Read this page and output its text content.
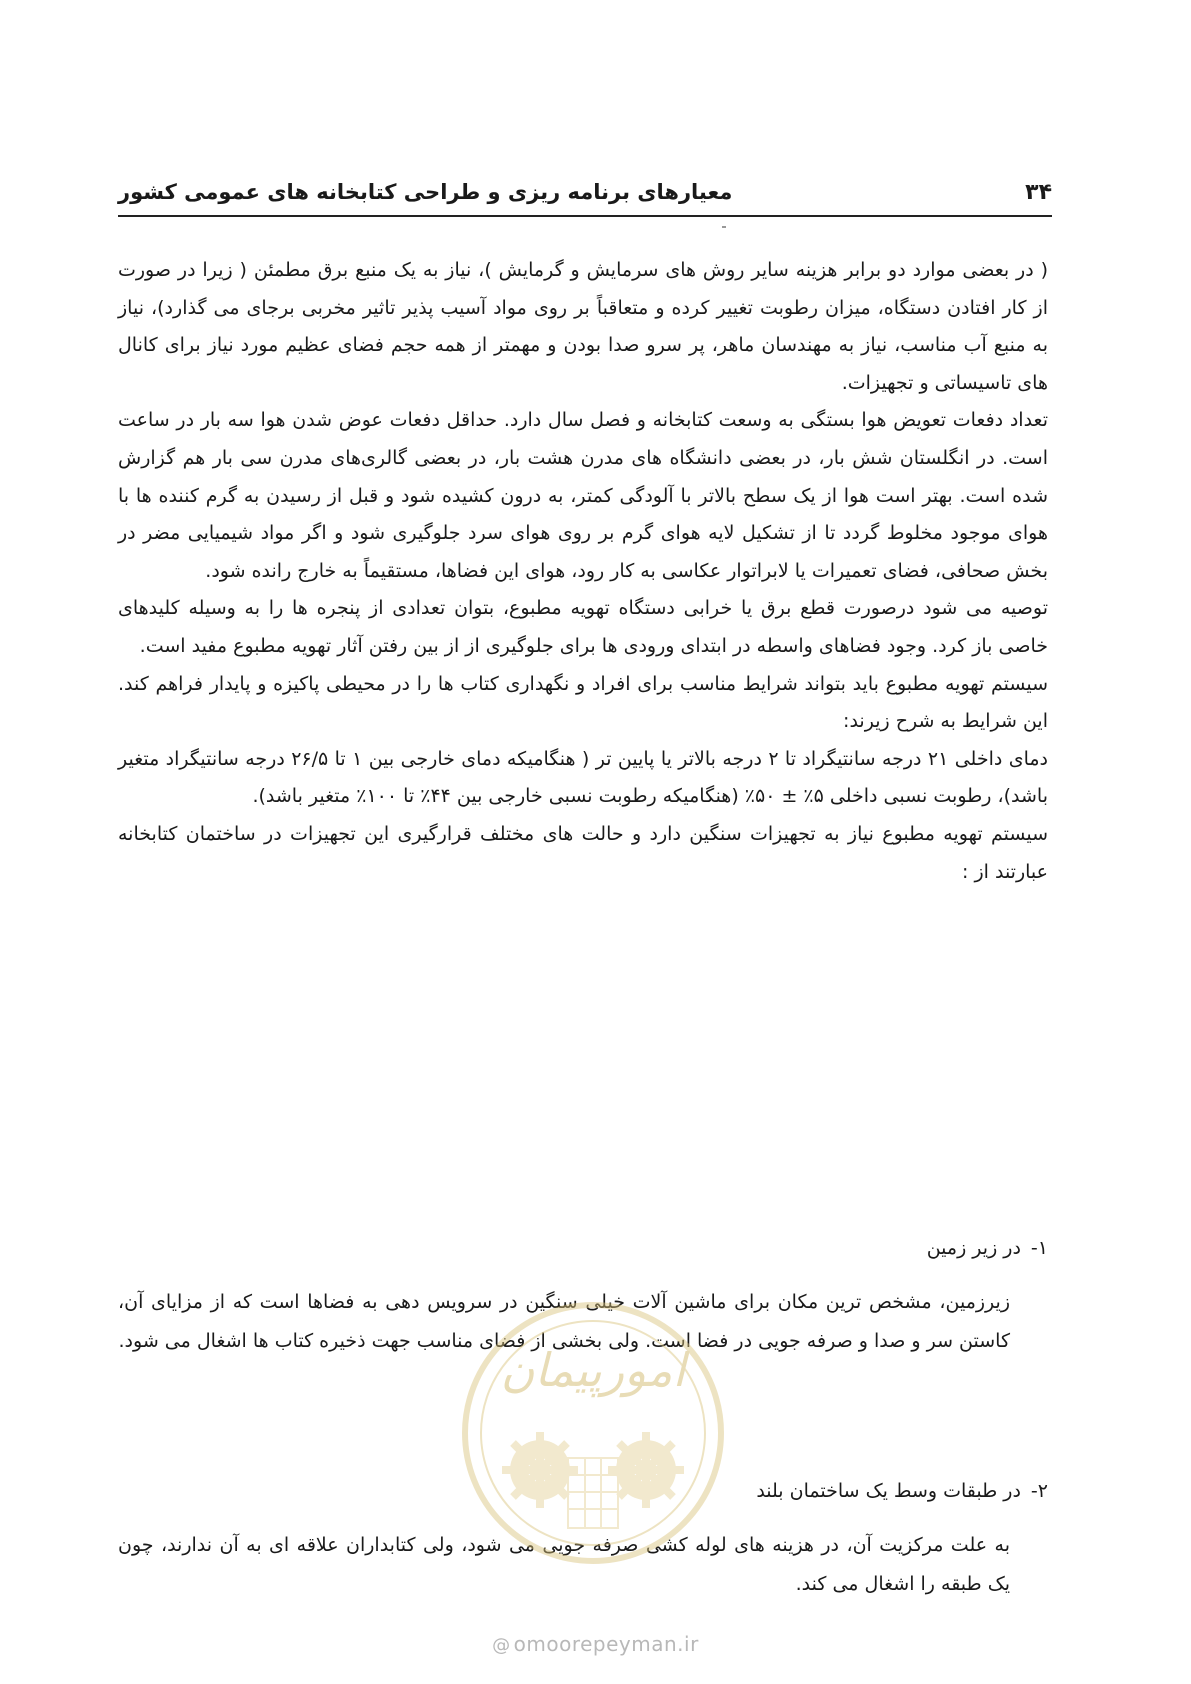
۳۴
معیارهای برنامه ریزی و طراحی کتابخانه های عمومی کشور

( در بعضی موارد دو برابر هزینه سایر روش های سرمایش و گرمایش )، نیاز به یک منبع برق مطمئن ( زیرا در صورت از کار افتادن دستگاه، میزان رطوبت تغییر کرده و متعاقباً بر روی مواد آسیب پذیر تاثیر مخربی برجای می گذارد)، نیاز به منبع آب مناسب، نیاز به مهندسان ماهر، پر سرو صدا بودن و مهمتر از همه حجم فضای عظیم مورد نیاز برای کانال های تاسیساتی و تجهیزات.

تعداد دفعات تعویض هوا بستگی به وسعت کتابخانه و فصل سال دارد. حداقل دفعات عوض شدن هوا سه بار در ساعت است. در انگلستان شش بار، در بعضی دانشگاه های مدرن هشت بار، در بعضی گالری‌های مدرن سی بار هم گزارش شده است. بهتر است هوا از یک سطح بالاتر با آلودگی کمتر، به درون کشیده شود و قبل از رسیدن به گرم کننده ها با هوای موجود مخلوط گردد تا از تشکیل لایه هوای گرم بر روی هوای سرد جلوگیری شود و اگر مواد شیمیایی مضر در بخش صحافی، فضای تعمیرات یا لابراتوار عکاسی به کار رود، هوای این فضاها، مستقیماً به خارج رانده شود.

توصیه می شود درصورت قطع برق یا خرابی دستگاه تهویه مطبوع، بتوان تعدادی از پنجره ها را به وسیله کلیدهای خاصی باز کرد. وجود فضاهای واسطه در ابتدای ورودی ها برای جلوگیری از از بین رفتن آثار تهویه مطبوع مفید است.

سیستم تهویه مطبوع باید بتواند شرایط مناسب برای افراد و نگهداری کتاب ها را در محیطی پاکیزه و پایدار فراهم کند. این شرایط به شرح زیرند:

دمای داخلی ۲۱ درجه سانتیگراد تا ۲ درجه بالاتر یا پایین تر ( هنگامیکه دمای خارجی بین ۱ تا ۲۶/۵ درجه سانتیگراد متغیر باشد)، رطوبت نسبی داخلی ۵٪ ± ۵۰٪ (هنگامیکه رطوبت نسبی خارجی بین ۴۴٪ تا ۱۰۰٪ متغیر باشد).

سیستم تهویه مطبوع نیاز به تجهیزات سنگین دارد و حالت های مختلف قرارگیری این تجهیزات در ساختمان کتابخانه عبارتند از :

۱-در زیر زمین

زیرزمین، مشخص ترین مکان برای ماشین آلات خیلی سنگین در سرویس دهی به فضاها است که از مزایای آن، کاستن سر و صدا و صرفه جویی در فضا است. ولی بخشی از فضای مناسب جهت ذخیره کتاب ها اشغال می شود.

۲-در طبقات وسط یک ساختمان بلند

به علت مرکزیت آن، در هزینه های لوله کشی صرفه جویی می شود، ولی کتابداران علاقه ای به آن ندارند، چون یک طبقه را اشغال می کند.

امورپیمان
@ omoorepeyman.ir
